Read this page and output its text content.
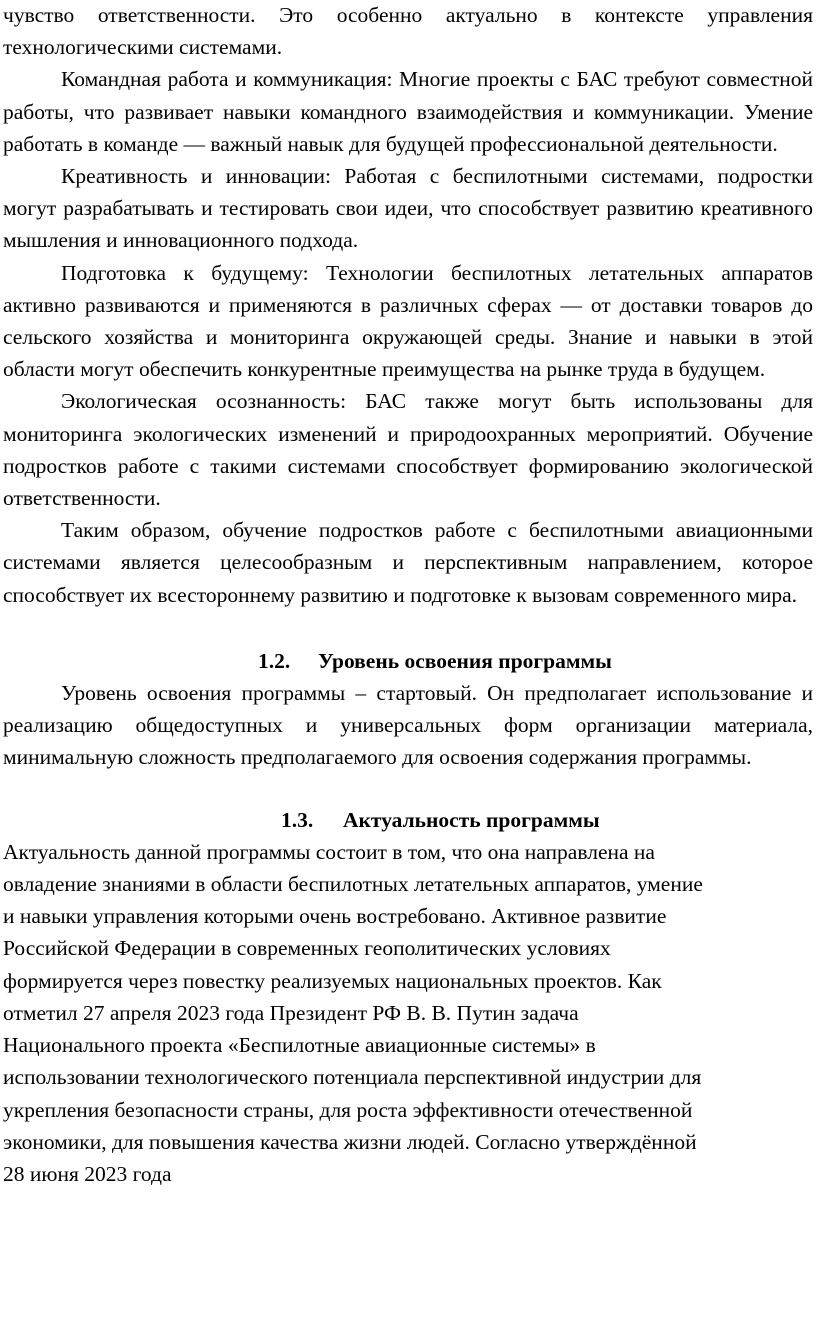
чувство ответственности. Это особенно актуально в контексте управления технологическими системами.

Командная работа и коммуникация: Многие проекты с БАС требуют совместной работы, что развивает навыки командного взаимодействия и коммуникации. Умение работать в команде — важный навык для будущей профессиональной деятельности.

Креативность и инновации: Работая с беспилотными системами, подростки могут разрабатывать и тестировать свои идеи, что способствует развитию креативного мышления и инновационного подхода.

Подготовка к будущему: Технологии беспилотных летательных аппаратов активно развиваются и применяются в различных сферах — от доставки товаров до сельского хозяйства и мониторинга окружающей среды. Знание и навыки в этой области могут обеспечить конкурентные преимущества на рынке труда в будущем.

Экологическая осознанность: БАС также могут быть использованы для мониторинга экологических изменений и природоохранных мероприятий. Обучение подростков работе с такими системами способствует формированию экологической ответственности.

Таким образом, обучение подростков работе с беспилотными авиационными системами является целесообразным и перспективным направлением, которое способствует их всестороннему развитию и подготовке к вызовам современного мира.

1.2. Уровень освоения программы

Уровень освоения программы – стартовый. Он предполагает использование и реализацию общедоступных и универсальных форм организации материала, минимальную сложность предполагаемого для освоения содержания программы.

1.3. Актуальность программы
Актуальность данной программы состоит в том, что она направлена на
овладение знаниями в области беспилотных летательных аппаратов, умение
и навыки управления которыми очень востребовано. Активное развитие
Российской Федерации в современных геополитических условиях
формируется через повестку реализуемых национальных проектов. Как
отметил 27 апреля 2023 года Президент РФ В. В. Путин задача
Национального проекта «Беспилотные авиационные системы» в
использовании технологического потенциала перспективной индустрии для
укрепления безопасности страны, для роста эффективности отечественной
экономики, для повышения качества жизни людей. Согласно утверждённой
28 июня 2023 года
